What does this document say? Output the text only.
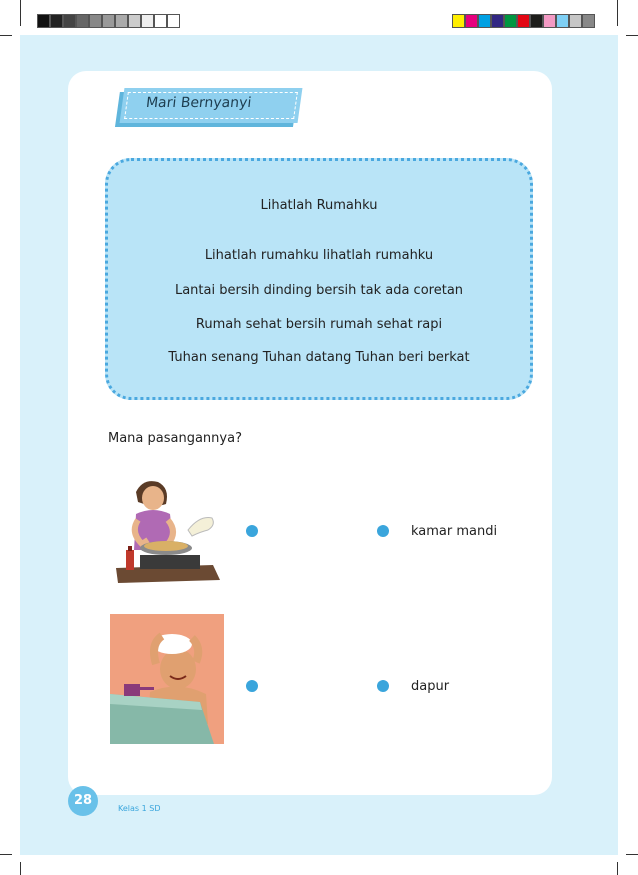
Mari Bernyanyi
Lihatlah Rumahku
Lihatlah rumahku lihatlah rumahku
Lantai bersih dinding bersih tak ada coretan
Rumah sehat bersih rumah sehat rapi
Tuhan senang Tuhan datang Tuhan beri berkat
Mana pasangannya?
kamar mandi
dapur
28
Kelas 1 SD
